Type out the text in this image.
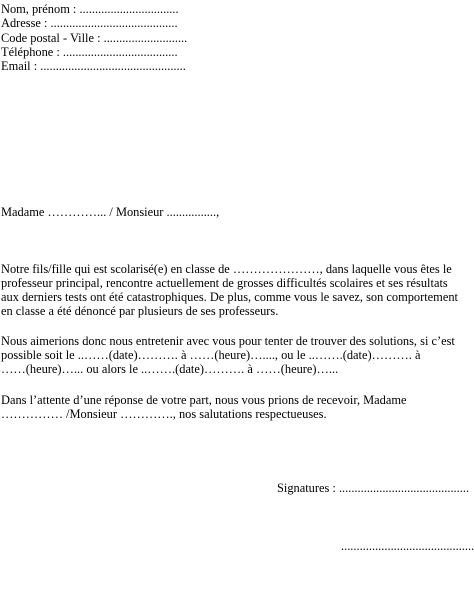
Nom, prénom : ................................
Adresse : .........................................
Code postal - Ville : ...........................
Téléphone : .....................................
Email : ...............................................
Madame …………... / Monsieur ................,

Notre fils/fille qui est scolarisé(e) en classe de …………………, dans laquelle vous êtes le

professeur principal, rencontre actuellement de grosses difficultés scolaires et ses résultats

aux derniers tests ont été catastrophiques. De plus, comme vous le savez, son comportement

en classe a été dénoncé par plusieurs de ses professeurs.

Nous aimerions donc nous entretenir avec vous pour tenter de trouver des solutions, si c’est

possible soit le ..……(date)………. à ……(heure)…...., ou le ..…….(date)………. à

……(heure)…... ou alors le ..…….(date)………. à ……(heure)…...

Dans l’attente d’une réponse de votre part, nous vous prions de recevoir, Madame

…………… /Monsieur …………., nos salutations respectueuses.

Signatures : ..........................................
...........................................
